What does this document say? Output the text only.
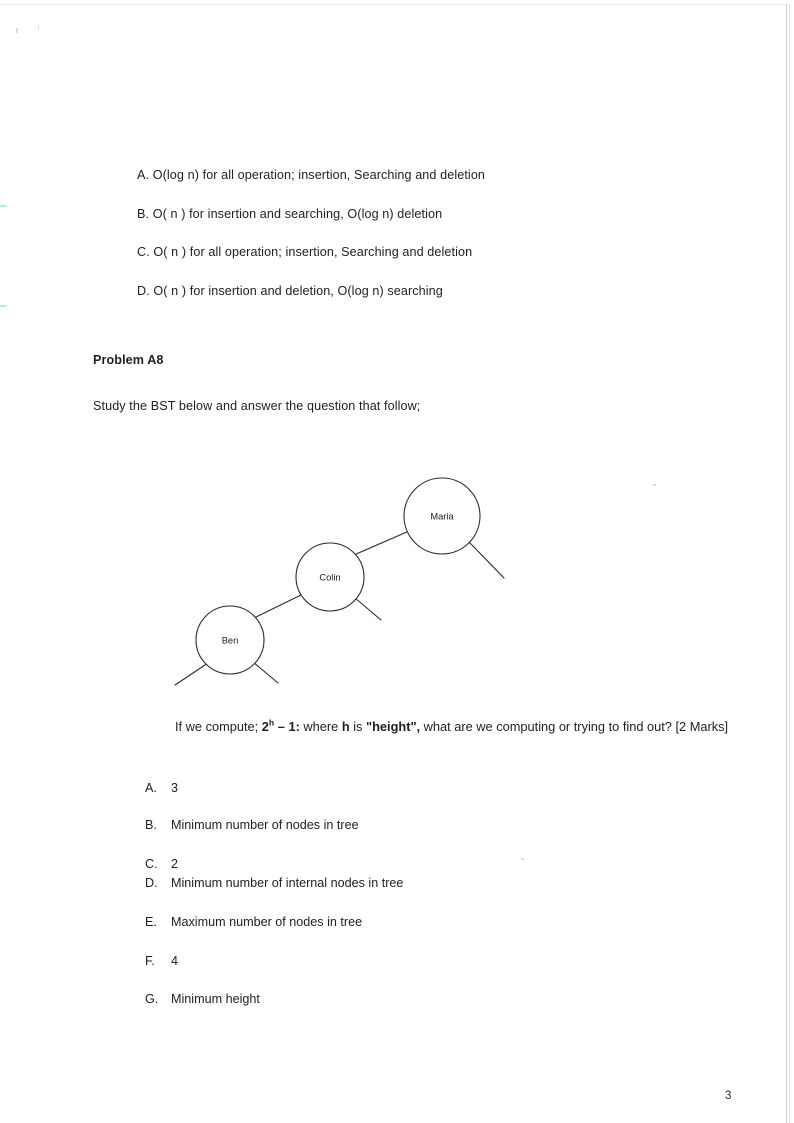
A. O(log n) for all operation; insertion, Searching and deletion
B. O( n ) for insertion and searching, O(log n) deletion
C. O( n ) for all operation; insertion, Searching and deletion
D. O( n ) for insertion and deletion, O(log n) searching
Problem A8
Study the BST below and answer the question that follow;
Maria
Colin
Ben
If we compute; 2$^h$ – 1: where h is "height", what are we computing or trying to find out? [2 Marks]
A. 3
B. Minimum number of nodes in tree
C. 2
D. Minimum number of internal nodes in tree
E. Maximum number of nodes in tree
F. 4
G. Minimum height
3
